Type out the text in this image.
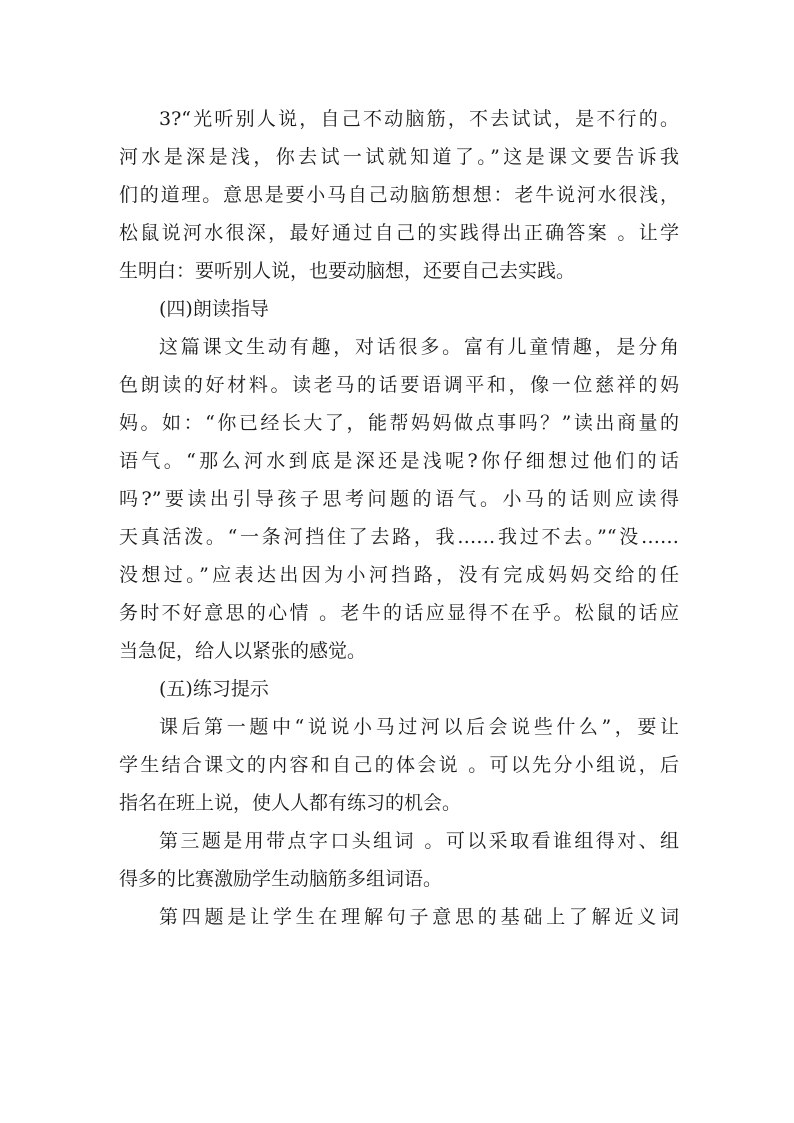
3?“光听别人说，自己不动脑筋，不去试试，是不行的。
河水是深是浅，你去试一试就知道了。”这是课文要告诉我
们的道理。意思是要小马自己动脑筋想想：老牛说河水很浅，
松鼠说河水很深，最好通过自己的实践得出正确答案 。让学
生明白：要听别人说，也要动脑想，还要自己去实践。

(四)朗读指导

这篇课文生动有趣，对话很多。富有儿童情趣，是分角
色朗读的好材料。读老马的话要语调平和，像一位慈祥的妈
妈。如：“你已经长大了，能帮妈妈做点事吗？”读出商量的
语气。“那么河水到底是深还是浅呢?你仔细想过他们的话
吗?”要读出引导孩子思考问题的语气。小马的话则应读得
天真活泼。“一条河挡住了去路，我……我过不去。”“没……
没想过。”应表达出因为小河挡路，没有完成妈妈交给的任
务时不好意思的心情 。老牛的话应显得不在乎。松鼠的话应
当急促，给人以紧张的感觉。

(五)练习提示

课后第一题中“说说小马过河以后会说些什么”，要让
学生结合课文的内容和自己的体会说 。可以先分小组说，后
指名在班上说，使人人都有练习的机会。

第三题是用带点字口头组词 。可以采取看谁组得对、组
得多的比赛激励学生动脑筋多组词语。

第四题是让学生在理解句子意思的基础上了解近义词
